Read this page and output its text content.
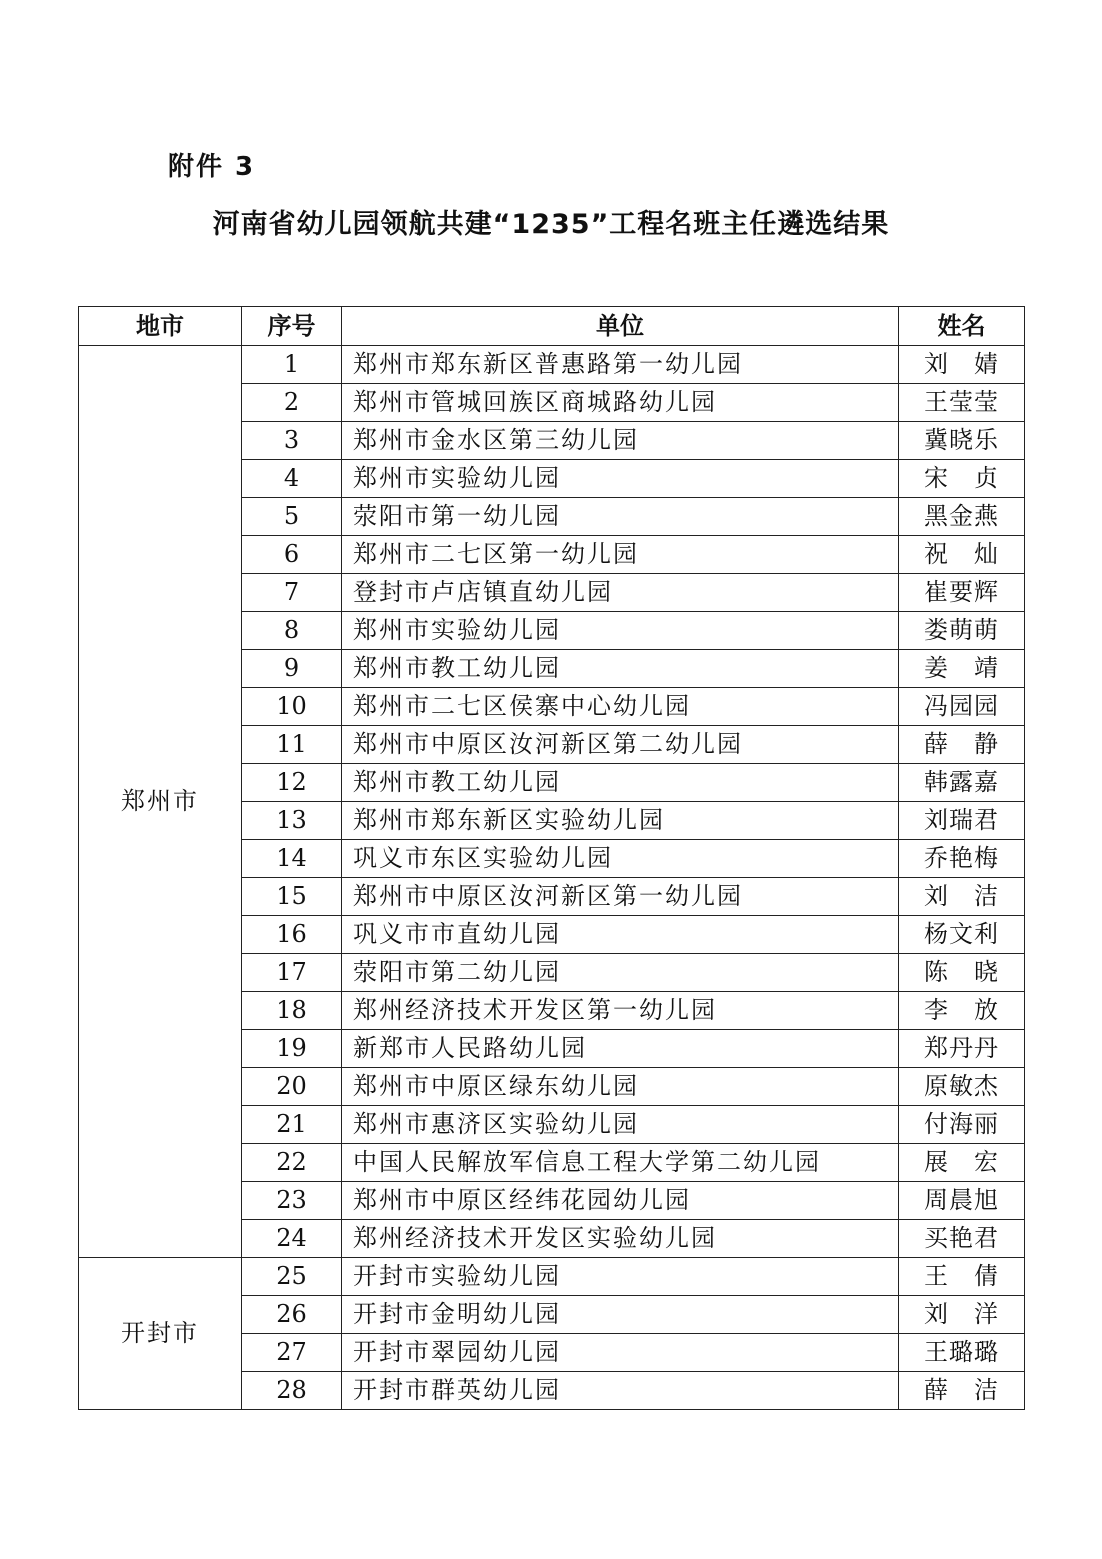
附件 3
河南省幼儿园领航共建“1235”工程名班主任遴选结果
地市	序号	单位	姓名
郑州市	1	郑州市郑东新区普惠路第一幼儿园	刘　婧
	2	郑州市管城回族区商城路幼儿园	王莹莹
	3	郑州市金水区第三幼儿园	冀晓乐
	4	郑州市实验幼儿园	宋　贞
	5	荥阳市第一幼儿园	黑金燕
	6	郑州市二七区第一幼儿园	祝　灿
	7	登封市卢店镇直幼儿园	崔要辉
	8	郑州市实验幼儿园	娄萌萌
	9	郑州市教工幼儿园	姜　靖
	10	郑州市二七区侯寨中心幼儿园	冯园园
	11	郑州市中原区汝河新区第二幼儿园	薛　静
	12	郑州市教工幼儿园	韩露嘉
	13	郑州市郑东新区实验幼儿园	刘瑞君
	14	巩义市东区实验幼儿园	乔艳梅
	15	郑州市中原区汝河新区第一幼儿园	刘　洁
	16	巩义市市直幼儿园	杨文利
	17	荥阳市第二幼儿园	陈　晓
	18	郑州经济技术开发区第一幼儿园	李　放
	19	新郑市人民路幼儿园	郑丹丹
	20	郑州市中原区绿东幼儿园	原敏杰
	21	郑州市惠济区实验幼儿园	付海丽
	22	中国人民解放军信息工程大学第二幼儿园	展　宏
	23	郑州市中原区经纬花园幼儿园	周晨旭
	24	郑州经济技术开发区实验幼儿园	买艳君
开封市	25	开封市实验幼儿园	王　倩
	26	开封市金明幼儿园	刘　洋
	27	开封市翠园幼儿园	王璐璐
	28	开封市群英幼儿园	薛　洁
